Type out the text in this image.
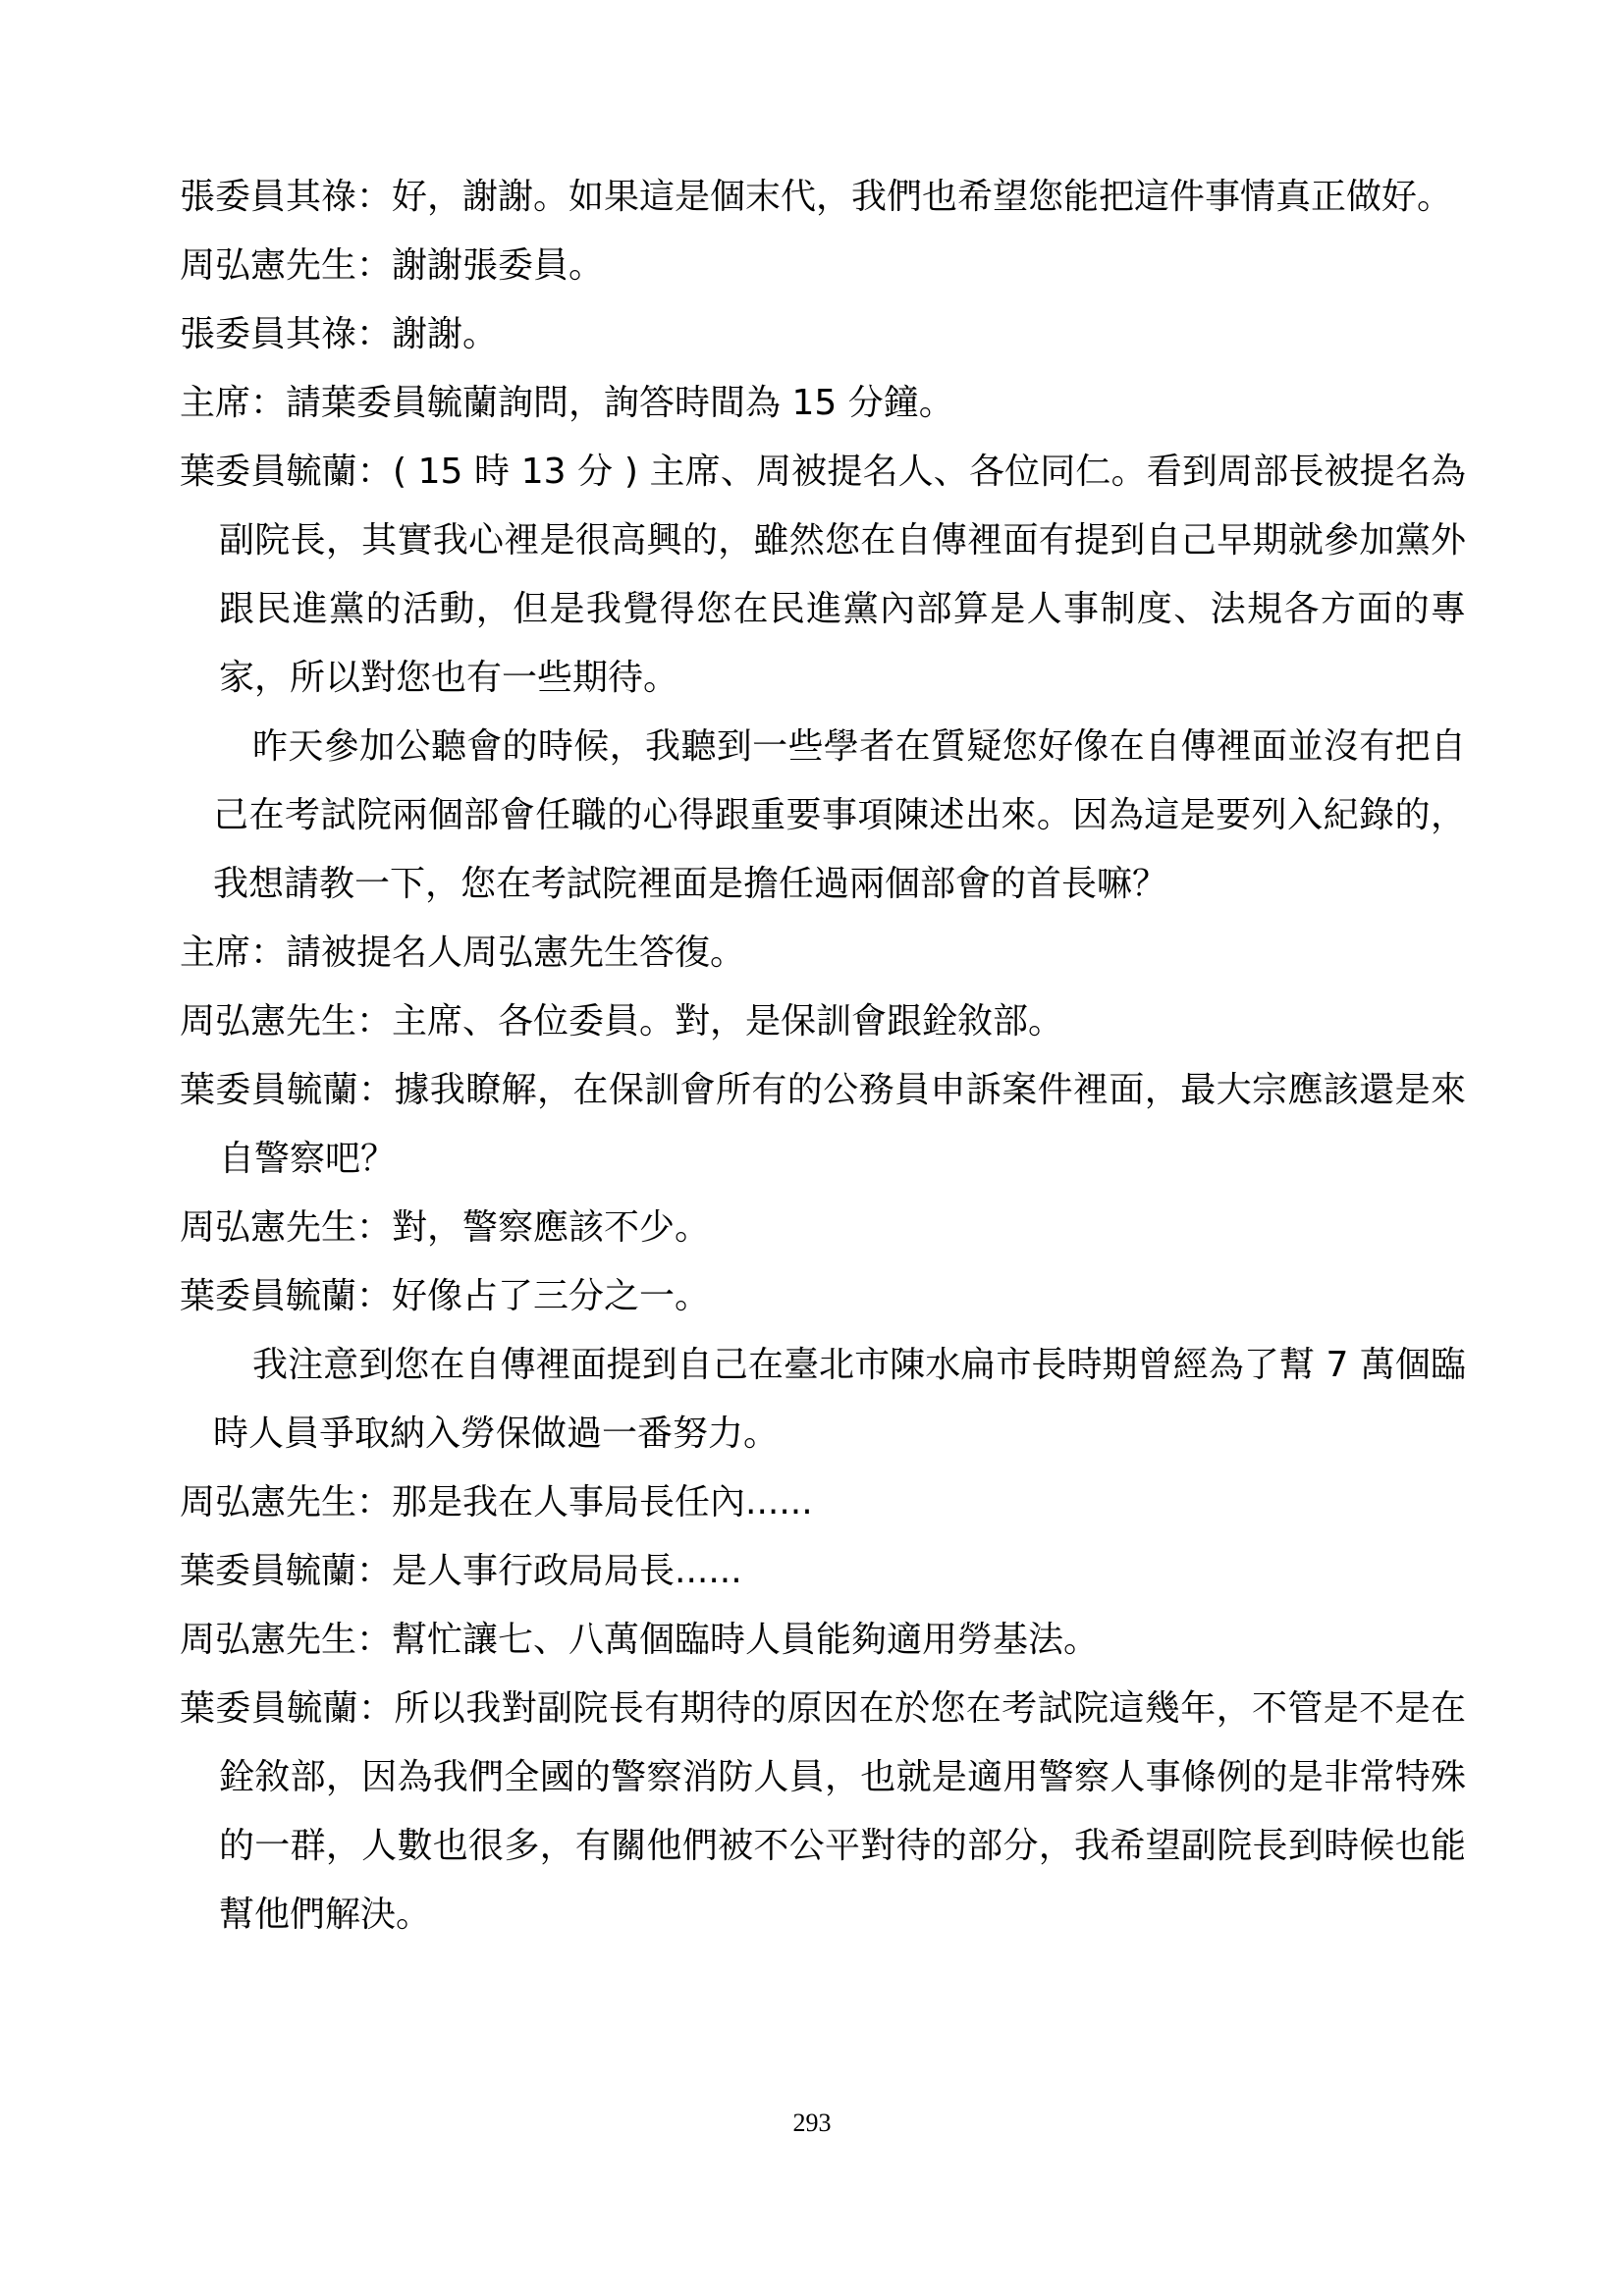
張委員其祿：好，謝謝。如果這是個末代，我們也希望您能把這件事情真正做好。
周弘憲先生：謝謝張委員。
張委員其祿：謝謝。
主席：請葉委員毓蘭詢問，詢答時間為 15 分鐘。
葉委員毓蘭：( 15 時 13 分 ) 主席、周被提名人、各位同仁。看到周部長被提名為副院長，其實我心裡是很高興的，雖然您在自傳裡面有提到自己早期就參加黨外跟民進黨的活動，但是我覺得您在民進黨內部算是人事制度、法規各方面的專家，所以對您也有一些期待。
昨天參加公聽會的時候，我聽到一些學者在質疑您好像在自傳裡面並沒有把自己在考試院兩個部會任職的心得跟重要事項陳述出來。因為這是要列入紀錄的，我想請教一下，您在考試院裡面是擔任過兩個部會的首長嘛？
主席：請被提名人周弘憲先生答復。
周弘憲先生：主席、各位委員。對，是保訓會跟銓敘部。
葉委員毓蘭：據我瞭解，在保訓會所有的公務員申訴案件裡面，最大宗應該還是來自警察吧？
周弘憲先生：對，警察應該不少。
葉委員毓蘭：好像占了三分之一。
我注意到您在自傳裡面提到自己在臺北市陳水扁市長時期曾經為了幫 7 萬個臨時人員爭取納入勞保做過一番努力。
周弘憲先生：那是我在人事局長任內......
葉委員毓蘭：是人事行政局局長......
周弘憲先生：幫忙讓七、八萬個臨時人員能夠適用勞基法。
葉委員毓蘭：所以我對副院長有期待的原因在於您在考試院這幾年，不管是不是在銓敘部，因為我們全國的警察消防人員，也就是適用警察人事條例的是非常特殊的一群，人數也很多，有關他們被不公平對待的部分，我希望副院長到時候也能幫他們解決。
293
